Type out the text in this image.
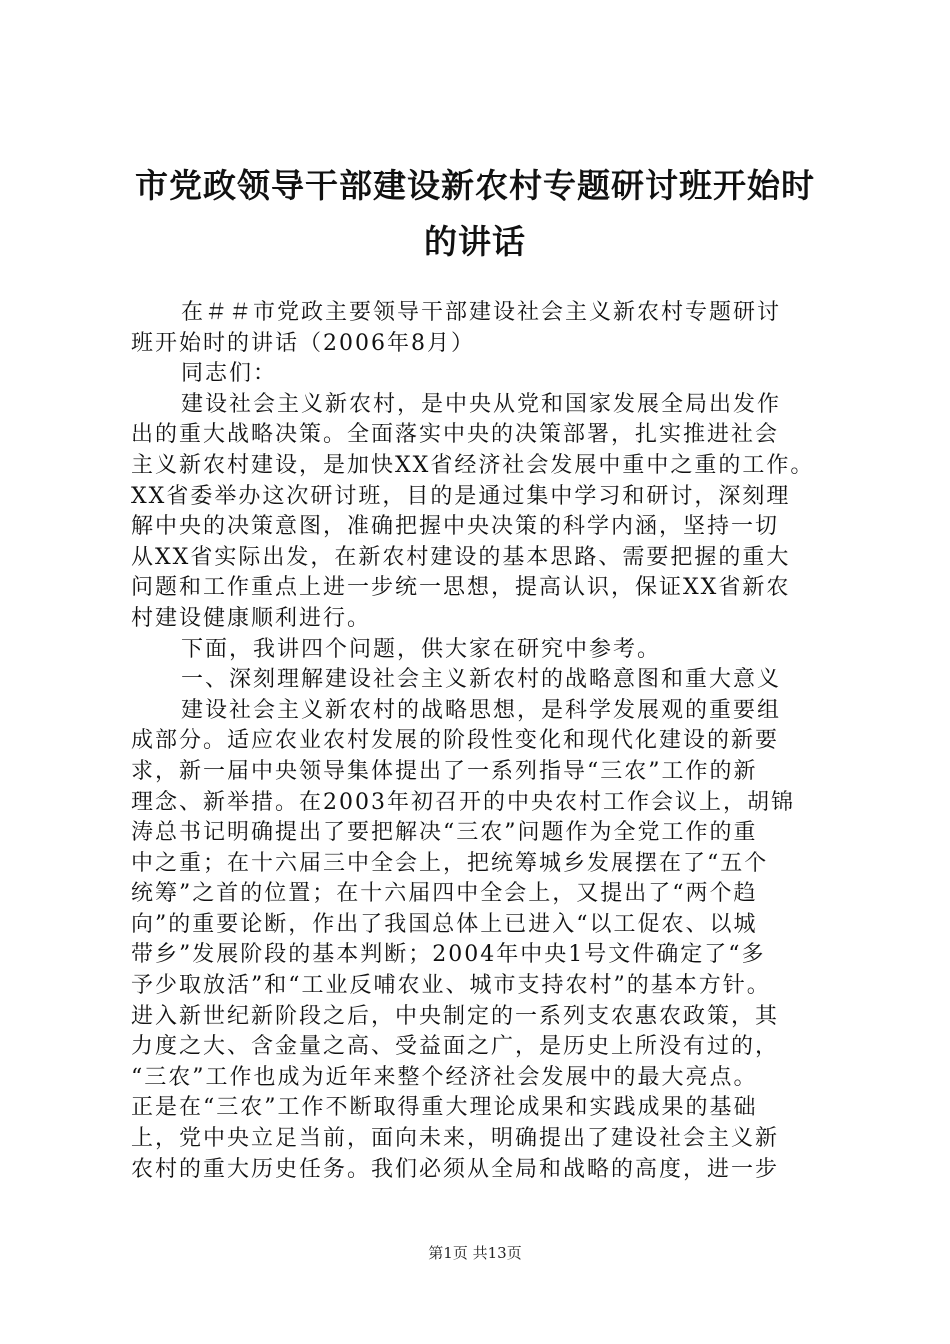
市党政领导干部建设新农村专题研讨班开始时
的讲话
在＃＃市党政主要领导干部建设社会主义新农村专题研讨
班开始时的讲话（2006年8月）
同志们：
建设社会主义新农村，是中央从党和国家发展全局出发作
出的重大战略决策。全面落实中央的决策部署，扎实推进社会
主义新农村建设，是加快XX省经济社会发展中重中之重的工作。
XX省委举办这次研讨班，目的是通过集中学习和研讨，深刻理
解中央的决策意图，准确把握中央决策的科学内涵，坚持一切
从XX省实际出发，在新农村建设的基本思路、需要把握的重大
问题和工作重点上进一步统一思想，提高认识，保证XX省新农
村建设健康顺利进行。
下面，我讲四个问题，供大家在研究中参考。
一、深刻理解建设社会主义新农村的战略意图和重大意义
建设社会主义新农村的战略思想，是科学发展观的重要组
成部分。适应农业农村发展的阶段性变化和现代化建设的新要
求，新一届中央领导集体提出了一系列指导“三农”工作的新
理念、新举措。在2003年初召开的中央农村工作会议上，胡锦
涛总书记明确提出了要把解决“三农”问题作为全党工作的重
中之重；在十六届三中全会上，把统筹城乡发展摆在了“五个
统筹”之首的位置；在十六届四中全会上，又提出了“两个趋
向”的重要论断，作出了我国总体上已进入“以工促农、以城
带乡”发展阶段的基本判断；2004年中央1号文件确定了“多
予少取放活”和“工业反哺农业、城市支持农村”的基本方针。
进入新世纪新阶段之后，中央制定的一系列支农惠农政策，其
力度之大、含金量之高、受益面之广，是历史上所没有过的，
“三农”工作也成为近年来整个经济社会发展中的最大亮点。
正是在“三农”工作不断取得重大理论成果和实践成果的基础
上，党中央立足当前，面向未来，明确提出了建设社会主义新
农村的重大历史任务。我们必须从全局和战略的高度，进一步
第1页 共13页
